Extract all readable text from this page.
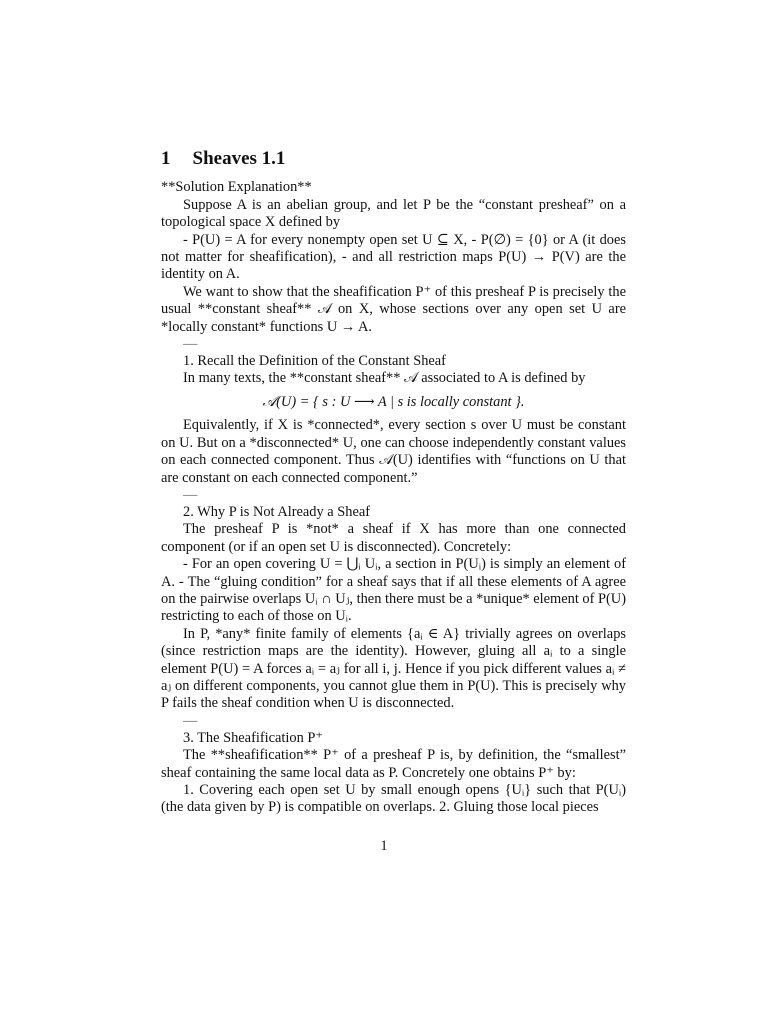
1 Sheaves 1.1

**Solution Explanation**

Suppose A is an abelian group, and let P be the “constant presheaf” on a topological space X defined by

- P(U) = A for every nonempty open set U ⊆ X, - P(∅) = {0} or A (it does not matter for sheafification), - and all restriction maps P(U) → P(V) are the identity on A.

We want to show that the sheafification P⁺ of this presheaf P is precisely the usual **constant sheaf** 𝒜 on X, whose sections over any open set U are *locally constant* functions U → A.

—

1. Recall the Definition of the Constant Sheaf

In many texts, the **constant sheaf** 𝒜 associated to A is defined by

𝒜(U) = { s : U ⟶ A | s is locally constant }.

Equivalently, if X is *connected*, every section s over U must be constant on U. But on a *disconnected* U, one can choose independently constant values on each connected component. Thus 𝒜(U) identifies with “functions on U that are constant on each connected component.”

—

2. Why P is Not Already a Sheaf

The presheaf P is *not* a sheaf if X has more than one connected component (or if an open set U is disconnected). Concretely:

- For an open covering U = ⋃ᵢ Uᵢ, a section in P(Uᵢ) is simply an element of A. - The “gluing condition” for a sheaf says that if all these elements of A agree on the pairwise overlaps Uᵢ ∩ Uⱼ, then there must be a *unique* element of P(U) restricting to each of those on Uᵢ.

In P, *any* finite family of elements {aᵢ ∈ A} trivially agrees on overlaps (since restriction maps are the identity). However, gluing all aᵢ to a single element P(U) = A forces aᵢ = aⱼ for all i, j. Hence if you pick different values aᵢ ≠ aⱼ on different components, you cannot glue them in P(U). This is precisely why P fails the sheaf condition when U is disconnected.

—

3. The Sheafification P⁺

The **sheafification** P⁺ of a presheaf P is, by definition, the “smallest” sheaf containing the same local data as P. Concretely one obtains P⁺ by:

1. Covering each open set U by small enough opens {Uᵢ} such that P(Uᵢ) (the data given by P) is compatible on overlaps. 2. Gluing those local pieces

1
